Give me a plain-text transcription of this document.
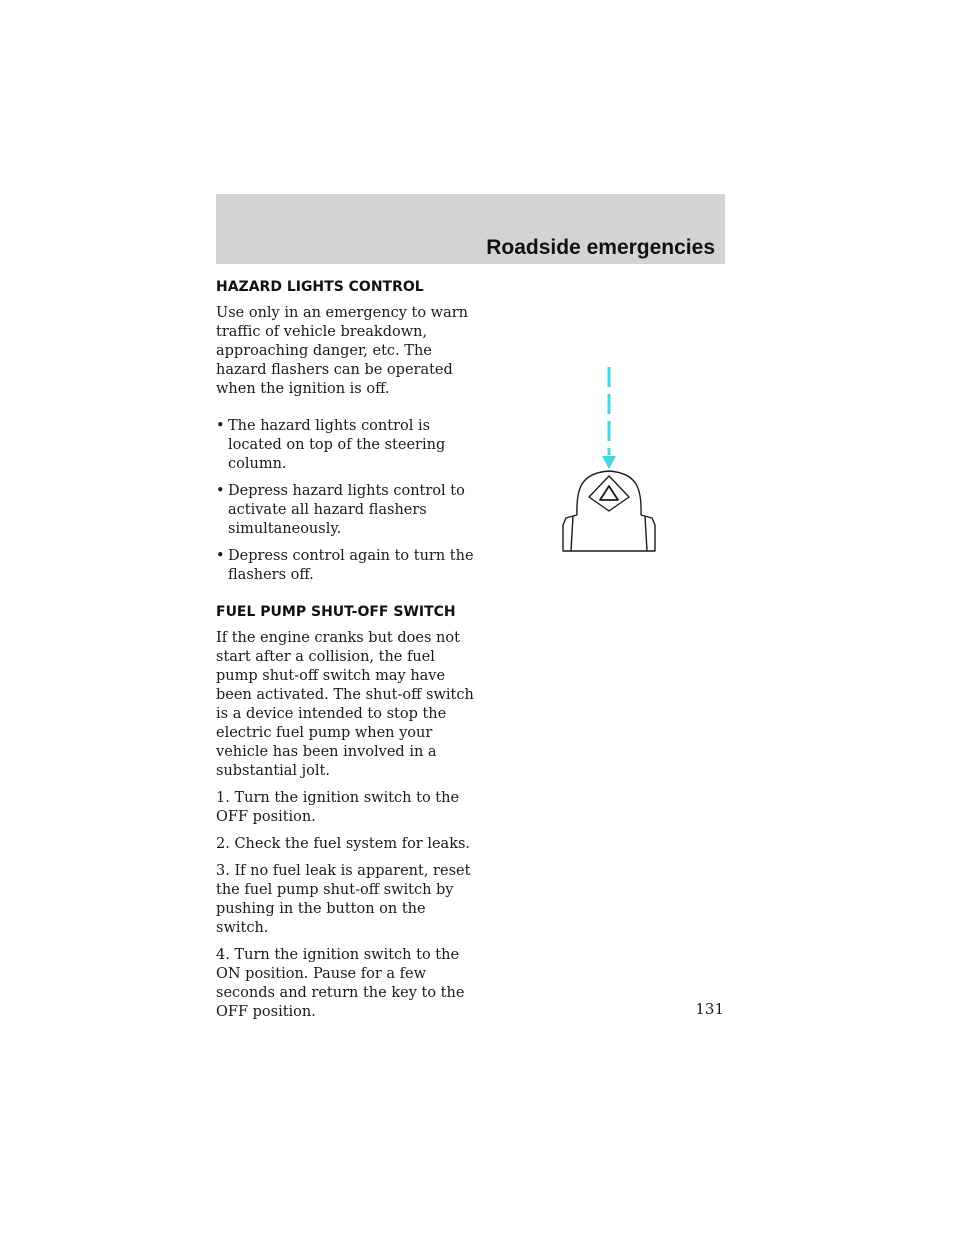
Roadside emergencies
HAZARD LIGHTS CONTROL

Use only in an emergency to warn traffic of vehicle breakdown, approaching danger, etc. The hazard flashers can be operated when the ignition is off.

• The hazard lights control is located on top of the steering column.
• Depress hazard lights control to activate all hazard flashers simultaneously.
• Depress control again to turn the flashers off.
FUEL PUMP SHUT-OFF SWITCH

If the engine cranks but does not start after a collision, the fuel pump shut-off switch may have been activated. The shut-off switch is a device intended to stop the electric fuel pump when your vehicle has been involved in a substantial jolt.

1. Turn the ignition switch to the OFF position.

2. Check the fuel system for leaks.

3. If no fuel leak is apparent, reset the fuel pump shut-off switch by pushing in the button on the switch.

4. Turn the ignition switch to the ON position. Pause for a few seconds and return the key to the OFF position.	131
